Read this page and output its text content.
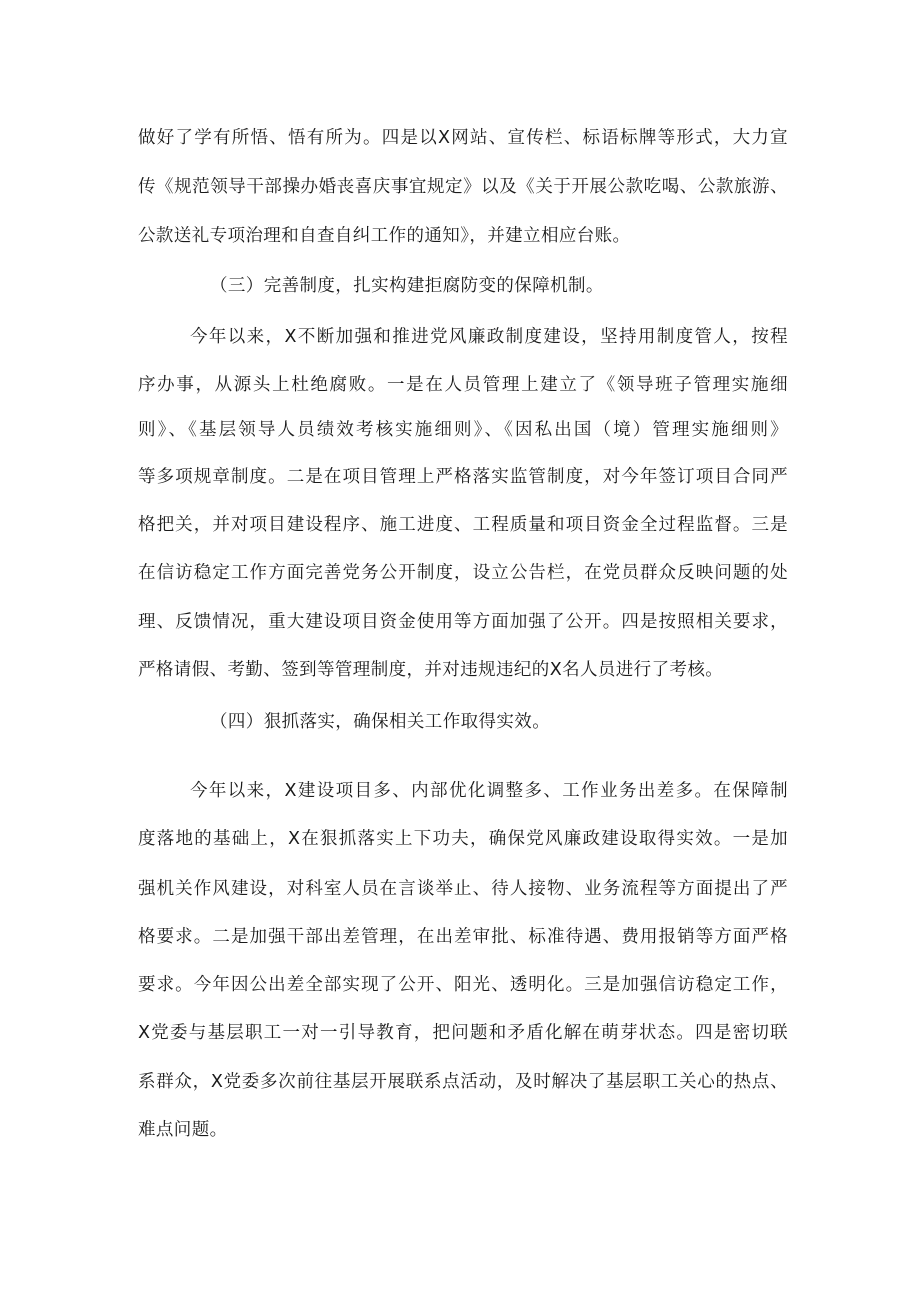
做好了学有所悟、悟有所为。四是以X网站、宣传栏、标语标牌等形式，大力宣
传《规范领导干部操办婚丧喜庆事宜规定》以及《关于开展公款吃喝、公款旅游、
公款送礼专项治理和自查自纠工作的通知》，并建立相应台账。
（三）完善制度，扎实构建拒腐防变的保障机制。
今年以来，X不断加强和推进党风廉政制度建设，坚持用制度管人，按程
序办事，从源头上杜绝腐败。一是在人员管理上建立了《领导班子管理实施细
则》、《基层领导人员绩效考核实施细则》、《因私出国（境）管理实施细则》
等多项规章制度。二是在项目管理上严格落实监管制度，对今年签订项目合同严
格把关，并对项目建设程序、施工进度、工程质量和项目资金全过程监督。三是
在信访稳定工作方面完善党务公开制度，设立公告栏，在党员群众反映问题的处
理、反馈情况，重大建设项目资金使用等方面加强了公开。四是按照相关要求，
严格请假、考勤、签到等管理制度，并对违规违纪的X名人员进行了考核。
（四）狠抓落实，确保相关工作取得实效。
今年以来，X建设项目多、内部优化调整多、工作业务出差多。在保障制
度落地的基础上，X在狠抓落实上下功夫，确保党风廉政建设取得实效。一是加
强机关作风建设，对科室人员在言谈举止、待人接物、业务流程等方面提出了严
格要求。二是加强干部出差管理，在出差审批、标准待遇、费用报销等方面严格
要求。今年因公出差全部实现了公开、阳光、透明化。三是加强信访稳定工作，
X党委与基层职工一对一引导教育，把问题和矛盾化解在萌芽状态。四是密切联
系群众，X党委多次前往基层开展联系点活动，及时解决了基层职工关心的热点、
难点问题。
